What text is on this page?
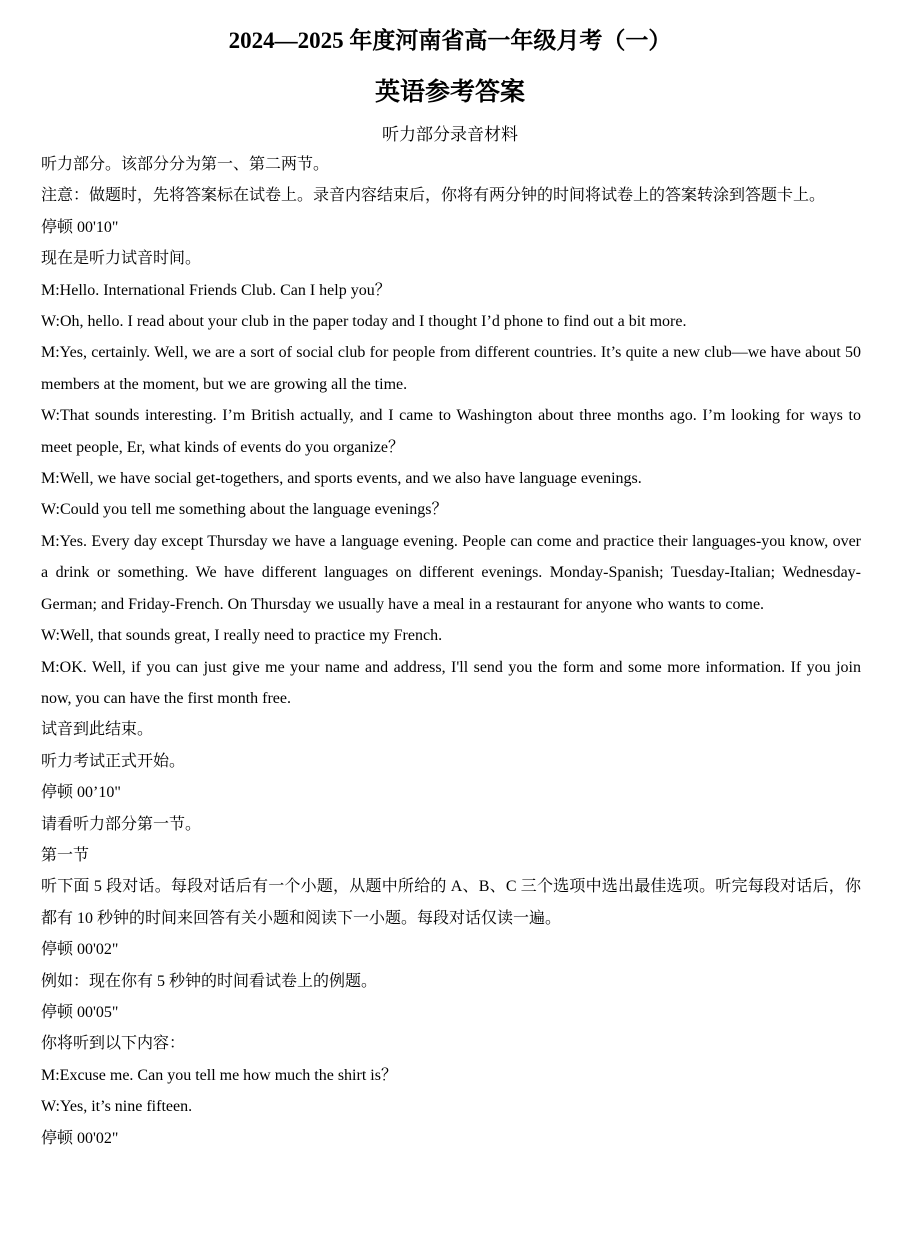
2024—2025 年度河南省高一年级月考（一）
英语参考答案
听力部分录音材料

听力部分。该部分分为第一、第二两节。

注意：做题时，先将答案标在试卷上。录音内容结束后，你将有两分钟的时间将试卷上的答案转涂到答题卡上。

停顿 00'10"

现在是听力试音时间。

M:Hello. International Friends Club. Can I help you？

W:Oh, hello. I read about your club in the paper today and I thought I’d phone to find out a bit more.

M:Yes, certainly. Well, we are a sort of social club for people from different countries. It’s quite a new club—we have about 50 members at the moment, but we are growing all the time.

W:That sounds interesting. I’m British actually, and I came to Washington about three months ago. I’m looking for ways to meet people, Er, what kinds of events do you organize？

M:Well, we have social get-togethers, and sports events, and we also have language evenings.

W:Could you tell me something about the language evenings？

M:Yes. Every day except Thursday we have a language evening. People can come and practice their languages-you know, over a drink or something. We have different languages on different evenings. Monday-Spanish; Tuesday-Italian; Wednesday-German; and Friday-French. On Thursday we usually have a meal in a restaurant for anyone who wants to come.

W:Well, that sounds great, I really need to practice my French.

M:OK. Well, if you can just give me your name and address, I'll send you the form and some more information. If you join now, you can have the first month free.

试音到此结束。

听力考试正式开始。

停顿 00’10"

请看听力部分第一节。

第一节

听下面 5 段对话。每段对话后有一个小题，从题中所给的 A、B、C 三个选项中选出最佳选项。听完每段对话后，你都有 10 秒钟的时间来回答有关小题和阅读下一小题。每段对话仅读一遍。

停顿 00'02"

例如：现在你有 5 秒钟的时间看试卷上的例题。

停顿 00'05"

你将听到以下内容：

M:Excuse me. Can you tell me how much the shirt is？

W:Yes, it’s nine fifteen.

停顿 00'02"
